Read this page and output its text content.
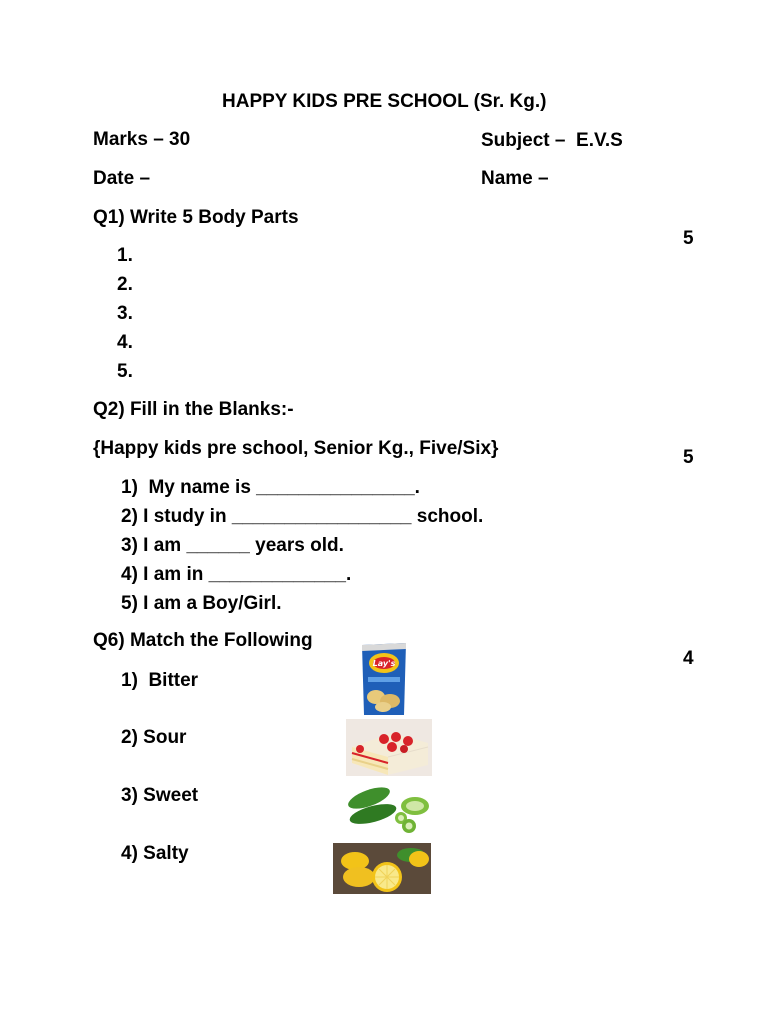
HAPPY KIDS PRE SCHOOL (Sr. Kg.)
Marks – 30	Subject –  E.V.S
Date –	Name –
Q1) Write 5 Body Parts
5
1.
2.
3.
4.
5.
Q2) Fill in the Blanks:-
{Happy kids pre school, Senior Kg., Five/Six}	5
1)  My name is _______________.
2) I study in _________________ school.
3) I am ______ years old.
4) I am in _____________.
5) I am a Boy/Girl.
Q6) Match the Following
4
1)  Bitter
2) Sour
3) Sweet
4) Salty
Lay's
